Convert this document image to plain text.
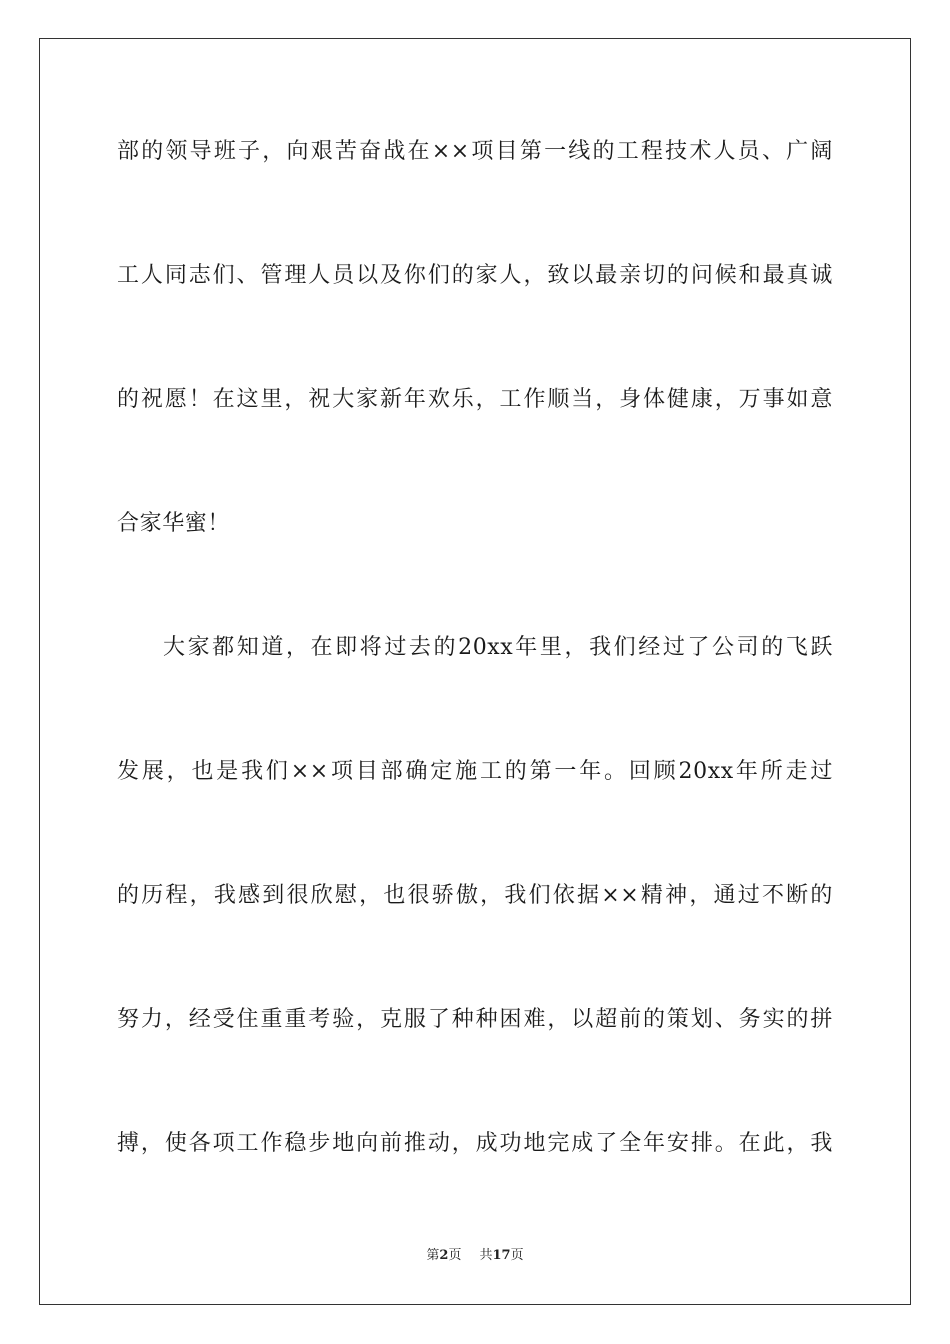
部的领导班子，向艰苦奋战在××项目第一线的工程技术人员、广阔
工人同志们、管理人员以及你们的家人，致以最亲切的问候和最真诚
的祝愿！在这里，祝大家新年欢乐，工作顺当，身体健康，万事如意
合家华蜜！
大家都知道，在即将过去的20xx年里，我们经过了公司的飞跃
发展，也是我们××项目部确定施工的第一年。回顾20xx年所走过
的历程，我感到很欣慰，也很骄傲，我们依据××精神，通过不断的
努力，经受住重重考验，克服了种种困难，以超前的策划、务实的拼
搏，使各项工作稳步地向前推动，成功地完成了全年安排。在此，我
第2页 共17页
